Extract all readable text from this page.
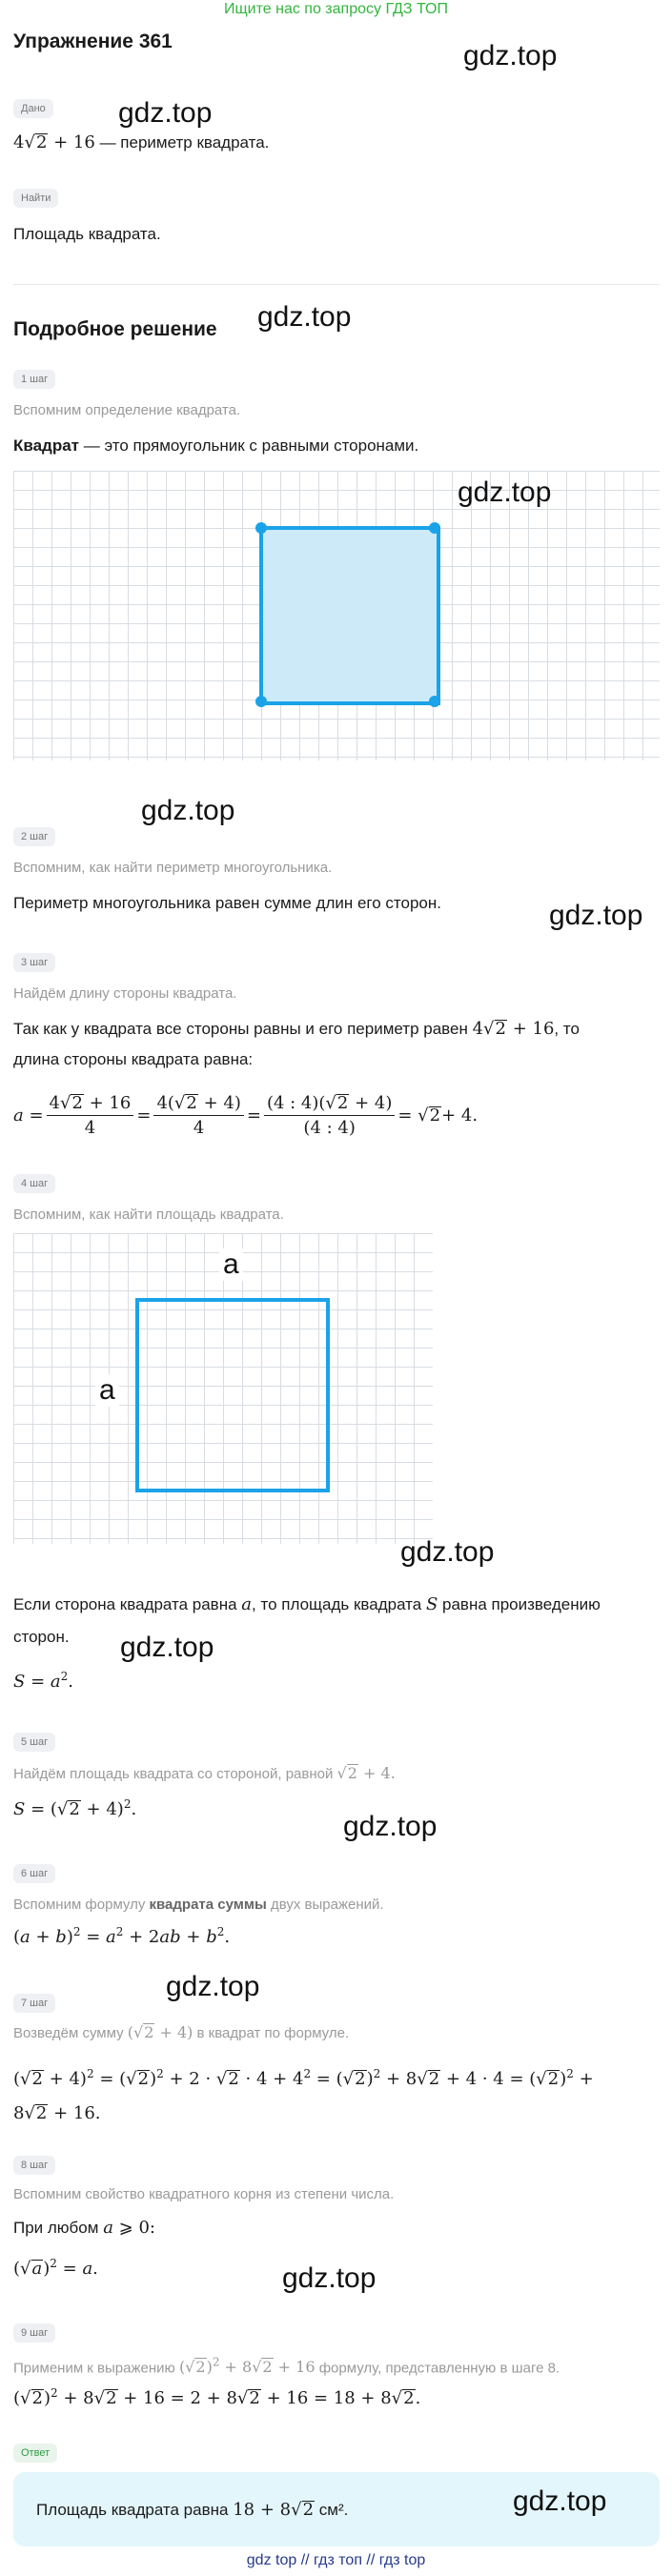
Ищите нас по запросу ГДЗ ТОП
Упражнение 361	gdz.top
Дано	gdz.top
4√2 + 16 — периметр квадрата.
Найти
Площадь квадрата.
Подробное решение gdz.top
1 шаг
Вспомним определение квадрата.
Квадрат — это прямоугольник с равными сторонами.
gdz.top
gdz.top
2 шаг
Вспомним, как найти периметр многоугольника.
Периметр многоугольника равен сумме длин его сторон.	gdz.top
3 шаг
Найдём длину стороны квадрата.
Так как у квадрата все стороны равны и его периметр равен 4√2 + 16, то
длина стороны квадрата равна:
$a = \frac{4√2 + 16}{4} = \frac{4(√2 + 4)}{4} = \frac{(4 : 4)(√2 + 4)}{(4 : 4)}$ = √ 2 + 4.
4 шаг
Вспомним, как найти площадь квадрата.
a
a
gdz.top
Если сторона квадрата равна a, то площадь квадрата S равна произведению
сторон. gdz.top
$S = a^2$.
5 шаг
Найдём площадь квадрата со стороной, равной √2 + 4.
$S = (√2 + 4)^2$.
gdz.top
6 шаг
Вспомним формулу квадрата суммы двух выражений.
$(a + b)^2 = a^2 + 2ab + b^2$.
gdz.top
7 шаг
Возведём сумму (√2 + 4) в квадрат по формуле.
$(√2 + 4)^2 = (√2)^2 + 2 \cdot √2 \cdot 4 + 4^2 = (√2)^2 + 8√2 + 4 \cdot 4 = (√2)^2$ +
8√2 + 16.
8 шаг
Вспомним свойство квадратного корня из степени числа.
При любом a ⩾ 0:
$(√a)^2 = a$.	gdz.top
9 шаг
Применим к выражению $(√2)^2 + 8√2 + 16$ формулу, представленную в шаге 8.
$(√2)^2 + 8√2 + 16 = 2 + 8√2 + 16 = 18 + 8√2$.
Ответ
Площадь квадрата равна 18 + 8√2 см².	gdz.top
gdz top // гдз топ // гдз top
